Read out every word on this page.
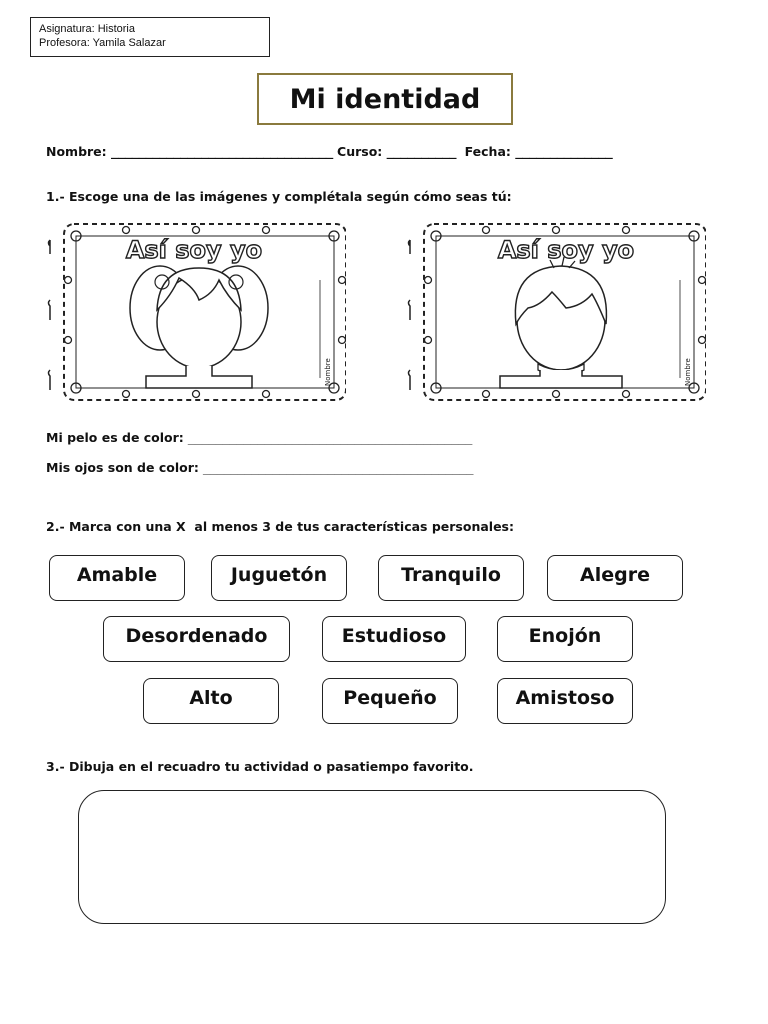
Asignatura: Historia
Profesora: Yamila Salazar
Mi identidad
Nombre: ________________________________ Curso: __________ Fecha: ______________
1.- Escoge una de las imágenes y complétala según cómo seas tú:
Así soy yo
Nombre
Así soy yo
Nombre
Mi pelo es de color: _________________________________________
Mis ojos son de color: _______________________________________
2.- Marca con una X  al menos 3 de tus características personales:
Amable	Juguetón	Tranquilo	Alegre
Desordenado	Estudioso	Enojón
Alto	Pequeño	Amistoso
3.- Dibuja en el recuadro tu actividad o pasatiempo favorito.
